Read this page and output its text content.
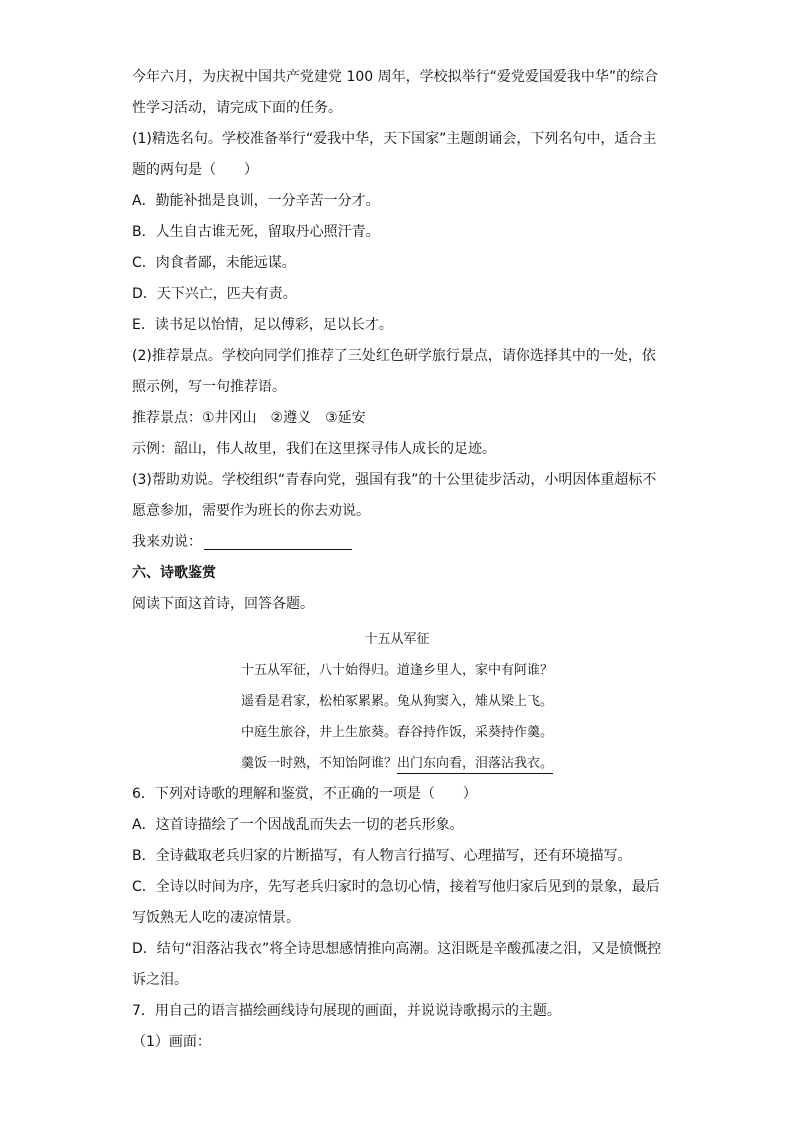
今年六月，为庆祝中国共产党建党 100 周年，学校拟举行“爱党爱国爱我中华”的综合
性学习活动，请完成下面的任务。
(1)精选名句。学校准备举行“爱我中华，天下国家”主题朗诵会，下列名句中，适合主
题的两句是（　　）
A．勤能补拙是良训，一分辛苦一分才。
B．人生自古谁无死，留取丹心照汗青。
C．肉食者鄙，未能远谋。
D．天下兴亡，匹夫有责。
E．读书足以怡情，足以傅彩，足以长才。
(2)推荐景点。学校向同学们推荐了三处红色研学旅行景点，请你选择其中的一处，依
照示例，写一句推荐语。
推荐景点：①井冈山　②遵义　③延安
示例：韶山，伟人故里，我们在这里探寻伟人成长的足迹。
(3)帮助劝说。学校组织“青春向党，强国有我”的十公里徒步活动，小明因体重超标不
愿意参加，需要作为班长的你去劝说。
我来劝说：
六、诗歌鉴赏
阅读下面这首诗，回答各题。
十五从军征
十五从军征，八十始得归。道逢乡里人，家中有阿谁？
遥看是君家，松柏冢累累。兔从狗窦入，雉从梁上飞。
中庭生旅谷，井上生旅葵。舂谷持作饭，采葵持作羹。
羹饭一时熟，不知饴阿谁？出门东向看，泪落沾我衣。
6．下列对诗歌的理解和鉴赏，不正确的一项是（　　）
A．这首诗描绘了一个因战乱而失去一切的老兵形象。
B．全诗截取老兵归家的片断描写，有人物言行描写、心理描写，还有环境描写。
C．全诗以时间为序，先写老兵归家时的急切心情，接着写他归家后见到的景象，最后
写饭熟无人吃的凄凉情景。
D．结句“泪落沾我衣”将全诗思想感情推向高潮。这泪既是辛酸孤凄之泪，又是愤慨控
诉之泪。
7．用自己的语言描绘画线诗句展现的画面，并说说诗歌揭示的主题。
（1）画面：
